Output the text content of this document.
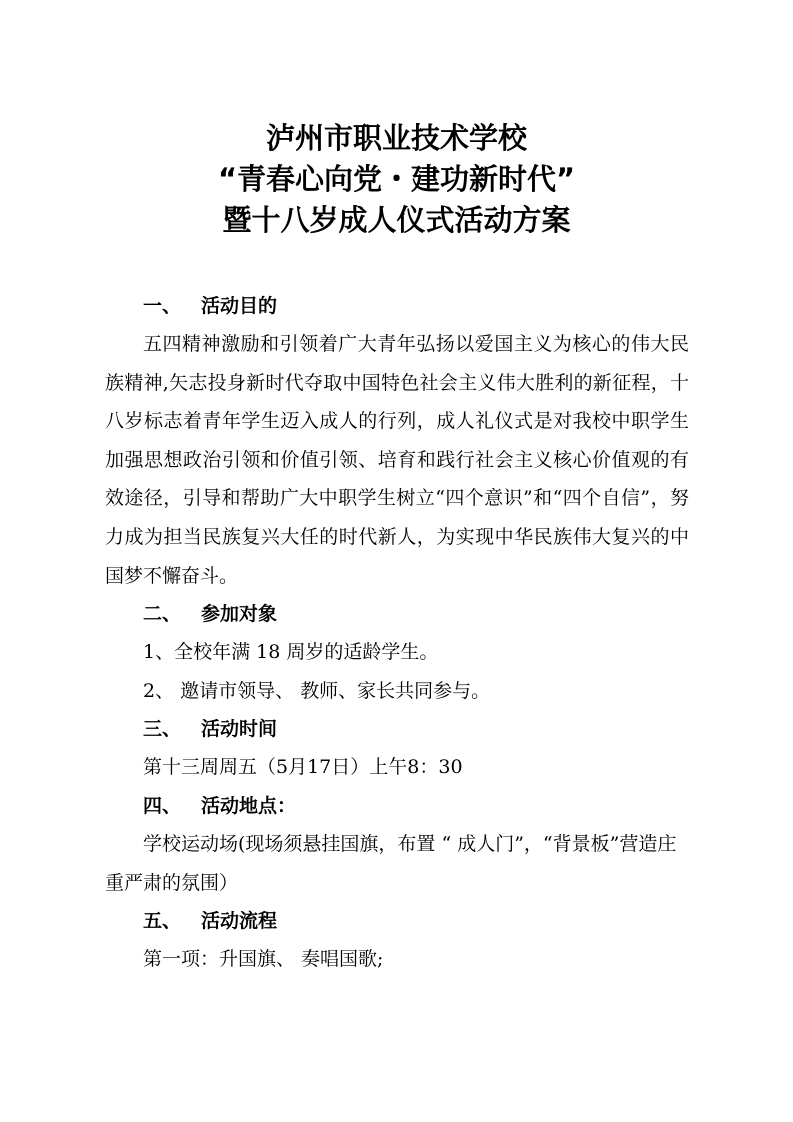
泸州市职业技术学校
“青春心向党・建功新时代”
暨十八岁成人仪式活动方案
一、 活动目的

五四精神激励和引领着广大青年弘扬以爱国主义为核心的伟大民族精神,矢志投身新时代夺取中国特色社会主义伟大胜利的新征程，十八岁标志着青年学生迈入成人的行列，成人礼仪式是对我校中职学生加强思想政治引领和价值引领、培育和践行社会主义核心价值观的有效途径，引导和帮助广大中职学生树立“四个意识”和“四个自信”，努力成为担当民族复兴大任的时代新人，为实现中华民族伟大复兴的中国梦不懈奋斗。

二、 参加对象

1、全校年满 18 周岁的适龄学生。

2、 邀请市领导、 教师、家长共同参与。

三、 活动时间

第十三周周五（5月17日）上午8：30

四、 活动地点：

学校运动场(现场须悬挂国旗，布置 “ 成人门”，“背景板”营造庄重严肃的氛围）

五、 活动流程

第一项：升国旗、 奏唱国歌;
